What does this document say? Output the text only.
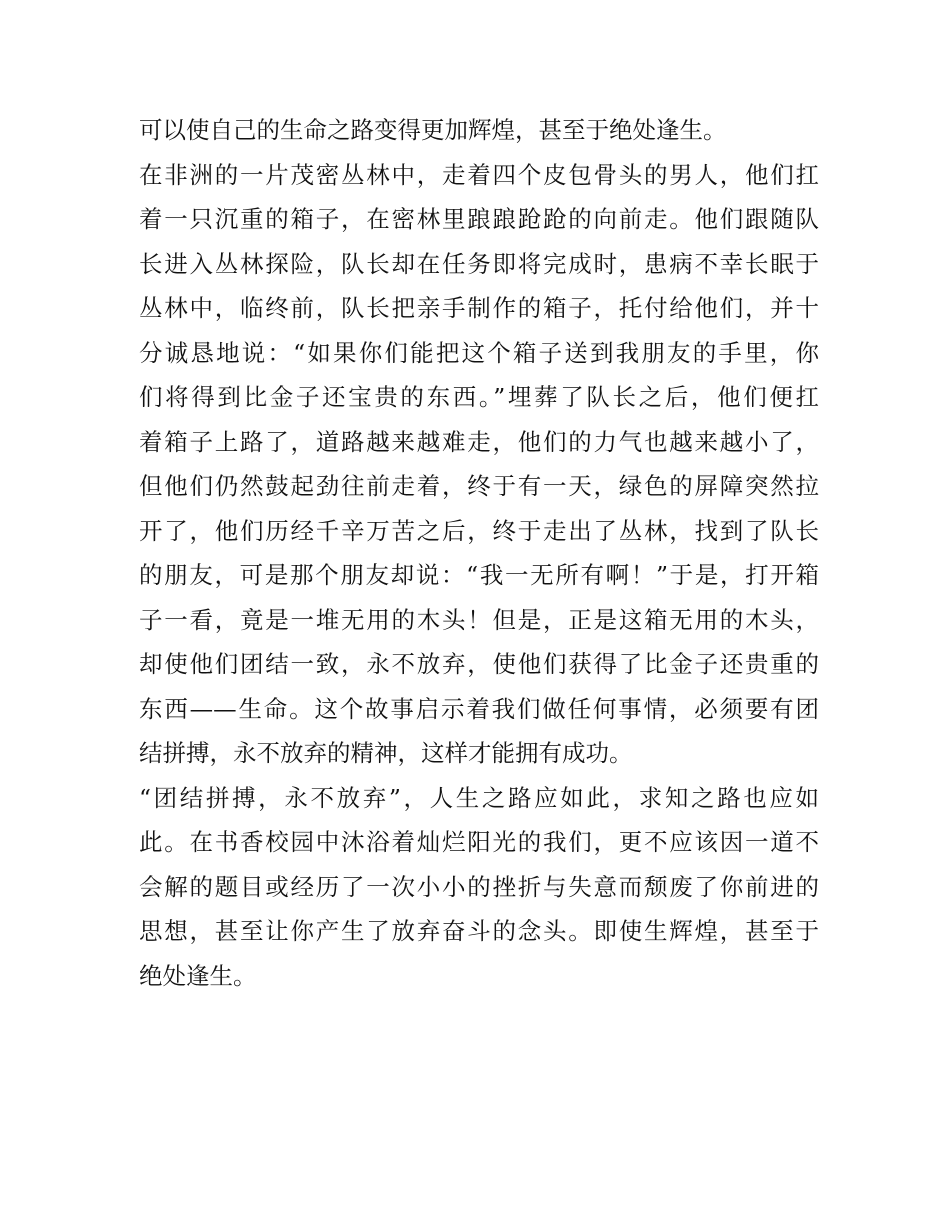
可以使自己的生命之路变得更加辉煌，甚至于绝处逢生。
在非洲的一片茂密丛林中，走着四个皮包骨头的男人，他们扛
着一只沉重的箱子，在密林里踉踉跄跄的向前走。他们跟随队
长进入丛林探险，队长却在任务即将完成时，患病不幸长眠于
丛林中，临终前，队长把亲手制作的箱子，托付给他们，并十
分诚恳地说：“如果你们能把这个箱子送到我朋友的手里，你
们将得到比金子还宝贵的东西。”埋葬了队长之后，他们便扛
着箱子上路了，道路越来越难走，他们的力气也越来越小了，
但他们仍然鼓起劲往前走着，终于有一天，绿色的屏障突然拉
开了，他们历经千辛万苦之后，终于走出了丛林，找到了队长
的朋友，可是那个朋友却说：“我一无所有啊！”于是，打开箱
子一看，竟是一堆无用的木头！但是，正是这箱无用的木头，
却使他们团结一致，永不放弃，使他们获得了比金子还贵重的
东西——生命。这个故事启示着我们做任何事情，必须要有团
结拼搏，永不放弃的精神，这样才能拥有成功。
“团结拼搏，永不放弃”，人生之路应如此，求知之路也应如
此。在书香校园中沐浴着灿烂阳光的我们，更不应该因一道不
会解的题目或经历了一次小小的挫折与失意而颓废了你前进的
思想，甚至让你产生了放弃奋斗的念头。即使生辉煌，甚至于
绝处逢生。
